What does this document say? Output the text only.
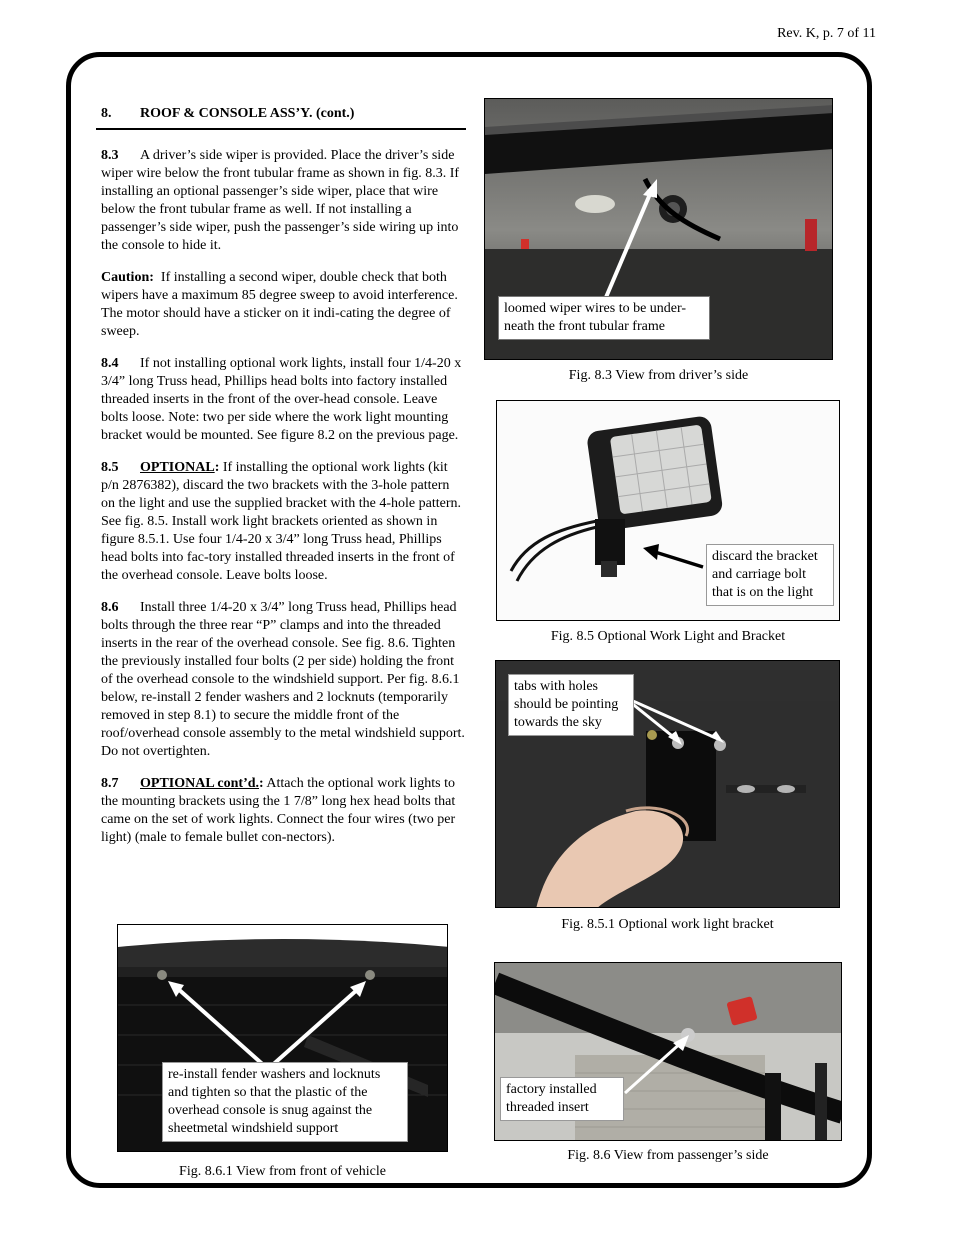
Rev. K, p. 7 of 11

8. ROOF & CONSOLE ASS’Y. (cont.)

8.3 A driver’s side wiper is provided. Place the driver’s side wiper wire below the front tubular frame as shown in fig. 8.3. If installing an optional passenger’s side wiper, place that wire below the front tubular frame as well. If not installing a passenger’s side wiper, push the passenger’s side wiring up into the console to hide it.

Caution: If installing a second wiper, double check that both wipers have a maximum 85 degree sweep to avoid interference. The motor should have a sticker on it indi-cating the degree of sweep.

8.4 If not installing optional work lights, install four 1/4-20 x 3/4” long Truss head, Phillips head bolts into factory installed threaded inserts in the front of the over-head console. Leave bolts loose. Note: two per side where the work light mounting bracket would be mounted. See figure 8.2 on the previous page.

8.5 OPTIONAL: If installing the optional work lights (kit p/n 2876382), discard the two brackets with the 3-hole pattern on the light and use the supplied bracket with the 4-hole pattern. See fig. 8.5. Install work light brackets oriented as shown in figure 8.5.1. Use four 1/4-20 x 3/4” long Truss head, Phillips head bolts into fac-tory installed threaded inserts in the front of the overhead console. Leave bolts loose.

8.6 Install three 1/4-20 x 3/4” long Truss head, Phillips head bolts through the three rear “P” clamps and into the threaded inserts in the rear of the overhead console. See fig. 8.6. Tighten the previously installed four bolts (2 per side) holding the front of the overhead console to the windshield support. Per fig. 8.6.1 below, re-install 2 fender washers and 2 locknuts (temporarily removed in step 8.1) to secure the middle front of the roof/overhead console assembly to the metal windshield support. Do not overtighten.

8.7 OPTIONAL cont’d.: Attach the optional work lights to the mounting brackets using the 1 7/8” long hex head bolts that came on the set of work lights. Connect the four wires (two per light) (male to female bullet con-nectors).

loomed wiper wires to be under-neath the front tubular frame
Fig. 8.3 View from driver’s side
discard the bracket and carriage bolt that is on the light
Fig. 8.5 Optional Work Light and Bracket
tabs with holes should be pointing towards the sky
Fig. 8.5.1 Optional work light bracket
re-install fender washers and locknuts and tighten so that the plastic of the overhead console is snug against the sheetmetal windshield support
Fig. 8.6.1 View from front of vehicle
factory installed threaded insert
Fig. 8.6 View from passenger’s side
